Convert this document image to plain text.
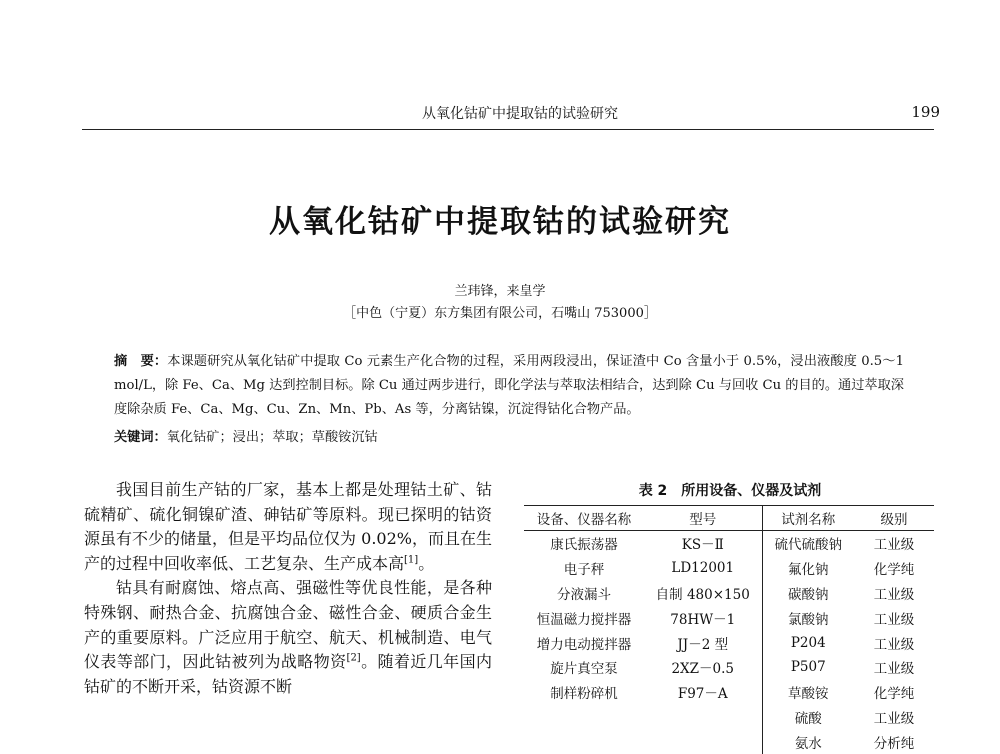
从氧化钴矿中提取钴的试验研究	199
从氧化钴矿中提取钴的试验研究
兰玮锋，来皇学
［中色（宁夏）东方集团有限公司，石嘴山 753000］
摘　要：本课题研究从氧化钴矿中提取 Co 元素生产化合物的过程，采用两段浸出，保证渣中 Co 含量小于 0.5%，浸出液酸度 0.5～1 mol/L，除 Fe、Ca、Mg 达到控制目标。除 Cu 通过两步进行，即化学法与萃取法相结合，达到除 Cu 与回收 Cu 的目的。通过萃取深度除杂质 Fe、Ca、Mg、Cu、Zn、Mn、Pb、As 等，分离钴镍，沉淀得钴化合物产品。
关键词：氧化钴矿；浸出；萃取；草酸铵沉钴

我国目前生产钴的厂家，基本上都是处理钴土矿、钴硫精矿、硫化铜镍矿渣、砷钴矿等原料。现已探明的钴资源虽有不少的储量，但是平均品位仅为 0.02%，而且在生产的过程中回收率低、工艺复杂、生产成本高[1]。

钴具有耐腐蚀、熔点高、强磁性等优良性能，是各种特殊钢、耐热合金、抗腐蚀合金、磁性合金、硬质合金生产的重要原料。广泛应用于航空、航天、机械制造、电气仪表等部门，因此钴被列为战略物资[2]。随着近几年国内钴矿的不断开采，钴资源不断

表 2　所用设备、仪器及试剂
设备、仪器名称	型号	试剂名称	级别
康氏振荡器	KS－Ⅱ	硫代硫酸钠	工业级
电子秤	LD12001	氟化钠	化学纯
分液漏斗	自制 480×150	碳酸钠	工业级
恒温磁力搅拌器	78HW－1	氯酸钠	工业级
增力电动搅拌器	JJ－2 型	P204	工业级
旋片真空泵	2XZ－0.5	P507	工业级
制样粉碎机	F97－A	草酸铵	化学纯
		硫酸	工业级
		氨水	分析纯
